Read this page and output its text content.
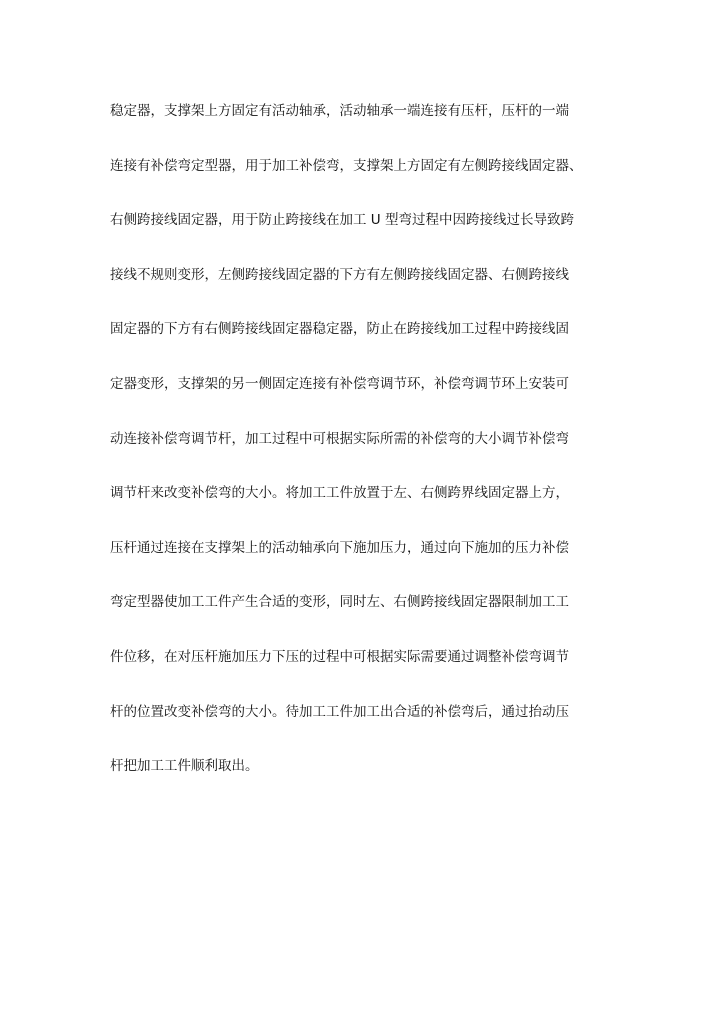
稳定器，支撑架上方固定有活动轴承，活动轴承一端连接有压杆，压杆的一端

连接有补偿弯定型器，用于加工补偿弯，支撑架上方固定有左侧跨接线固定器、

右侧跨接线固定器，用于防止跨接线在加工 U 型弯过程中因跨接线过长导致跨

接线不规则变形，左侧跨接线固定器的下方有左侧跨接线固定器、右侧跨接线

固定器的下方有右侧跨接线固定器稳定器，防止在跨接线加工过程中跨接线固

定器变形，支撑架的另一侧固定连接有补偿弯调节环，补偿弯调节环上安装可

动连接补偿弯调节杆，加工过程中可根据实际所需的补偿弯的大小调节补偿弯

调节杆来改变补偿弯的大小。将加工工件放置于左、右侧跨界线固定器上方，

压杆通过连接在支撑架上的活动轴承向下施加压力，通过向下施加的压力补偿

弯定型器使加工工件产生合适的变形，同时左、右侧跨接线固定器限制加工工

件位移，在对压杆施加压力下压的过程中可根据实际需要通过调整补偿弯调节

杆的位置改变补偿弯的大小。待加工工件加工出合适的补偿弯后，通过抬动压

杆把加工工件顺利取出。
